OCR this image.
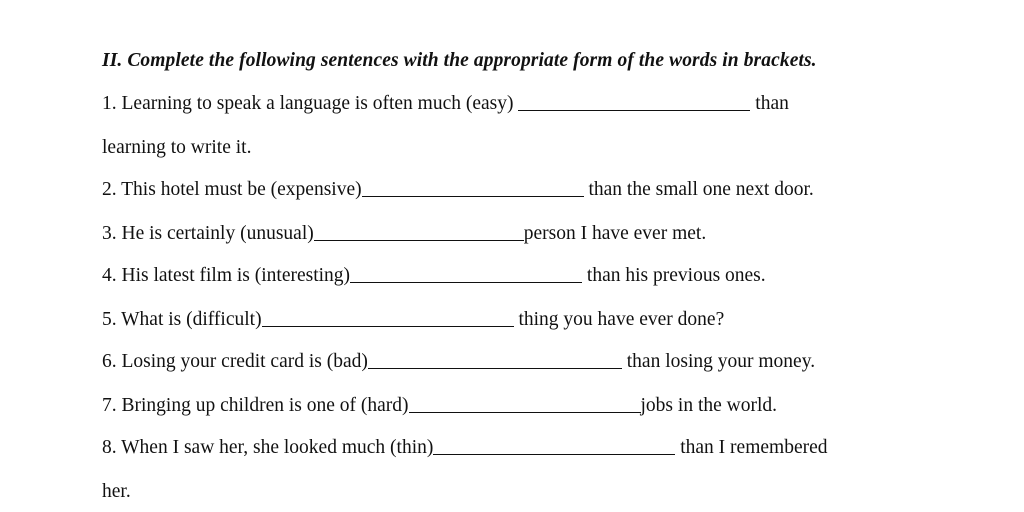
II. Complete the following sentences with the appropriate form of the words in brackets.
1. Learning to speak a language is often much (easy)	than
learning to write it.
2. This hotel must be (expensive)	than the small one next door.
3. He is certainly (unusual)	person I have ever met.
4. His latest film is (interesting)	than his previous ones.
5. What is (difficult)	thing you have ever done?
6. Losing your credit card is (bad)	than losing your money.
7. Bringing up children is one of (hard)	jobs in the world.
8. When I saw her, she looked much (thin)	than I remembered
her.
